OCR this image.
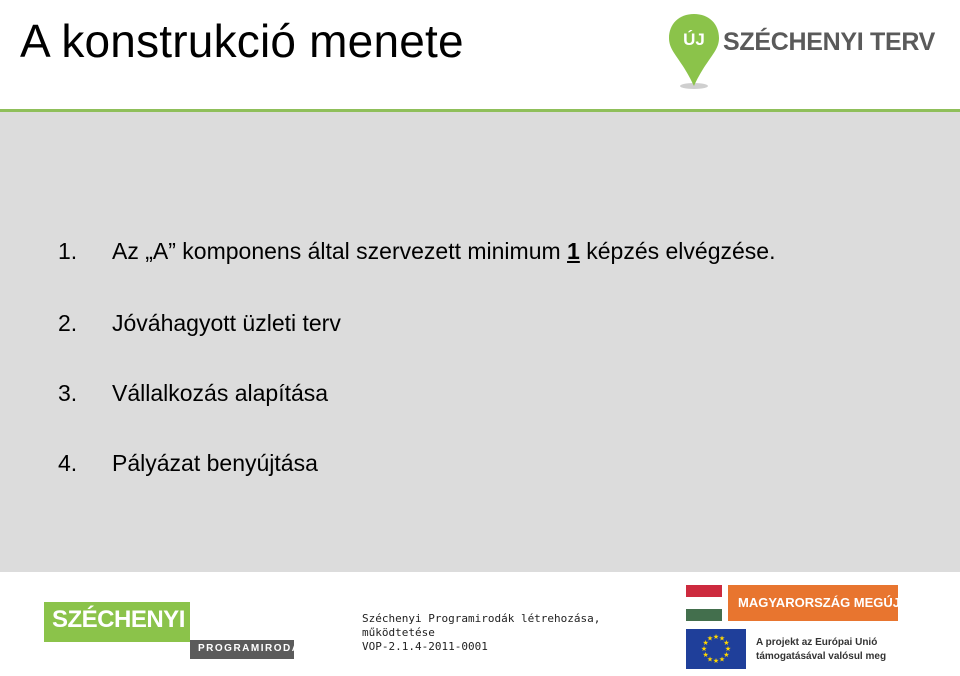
A konstrukció menete	ÚJ SZÉCHENYI TERV
1. Az „A” komponens által szervezett minimum 1 képzés elvégzése.
2. Jóváhagyott üzleti terv
3. Vállalkozás alapítása
4. Pályázat benyújtása
SZÉCHENYI
PROGRAMIRODA
Széchenyi Programirodák létrehozása,
működtetése
VOP-2.1.4-2011-0001
MAGYARORSZÁG MEGÚJUL
★ ★
★
★
★
★
★
★
★
★
★
★	A projekt az Európai Unió
támogatásával valósul meg
